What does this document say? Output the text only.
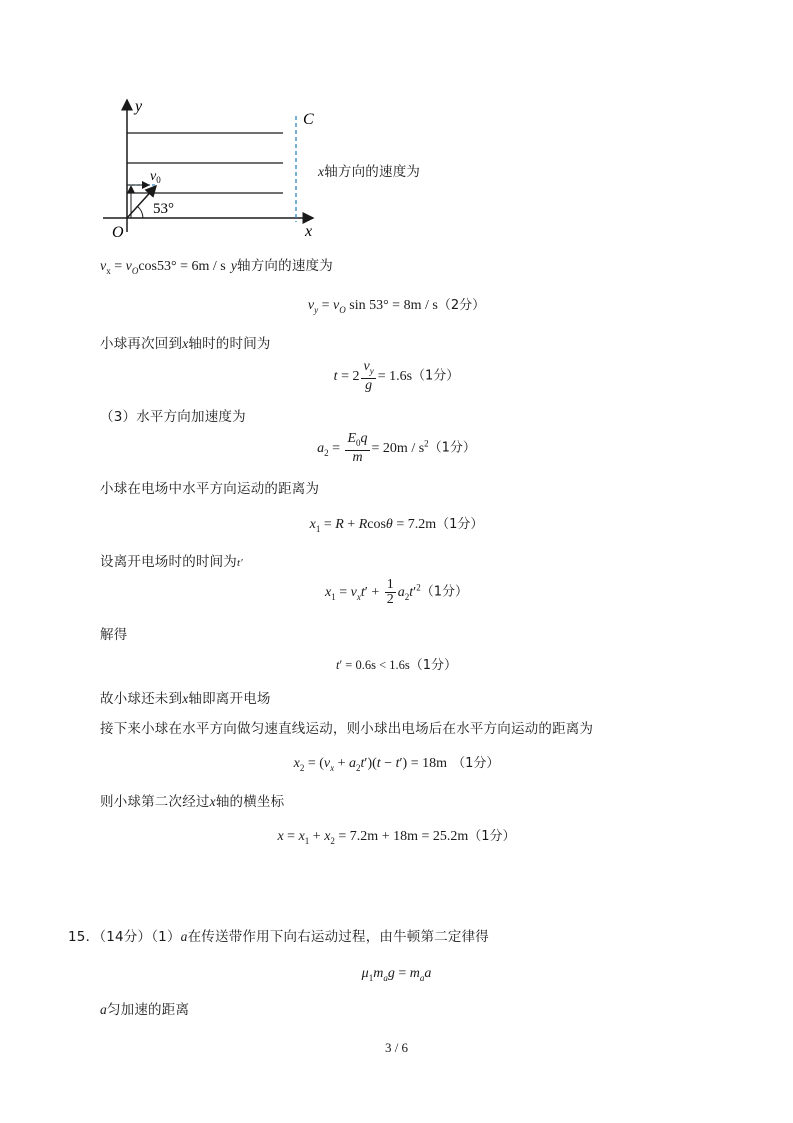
y
x
O
C
$v_0$
53°
x轴方向的速度为
$v_x = v_O\cos 53^\circ = 6m / s$ y轴方向的速度为
$v_y = v_O$ sin 53° = 8m / s（2分）
小球再次回到x轴时的时间为
$t = 2 \frac{v_y}{g} = 1.6s(1$分）
（3）水平方向加速度为
$a_2 = \frac{E_0q}{m} = 20m / s^2(1$分）
小球在电场中水平方向运动的距离为
$x_1 = R + Rcos\theta = 7.2m(1$分）
设离开电场时的时间为t′
$x_1 = v_xt' + \frac{1}{2} a_2t'^2(1$分）
解得
t′ = 0.6s < 1.6s（1分）
故小球还未到x轴即离开电场
接下来小球在水平方向做匀速直线运动，则小球出电场后在水平方向运动的距离为
$x_2 = (v_x + a_2t')(t - t') = 18m$ （1分）
则小球第二次经过x轴的横坐标
$x = x_1 + x_2 = 7.2m + 18m = 25.2m(1$分）
15．（14分）（1）a在传送带作用下向右运动过程，由牛顿第二定律得
$\mu_1m_ag = m_aa$
a匀加速的距离
3 / 6
